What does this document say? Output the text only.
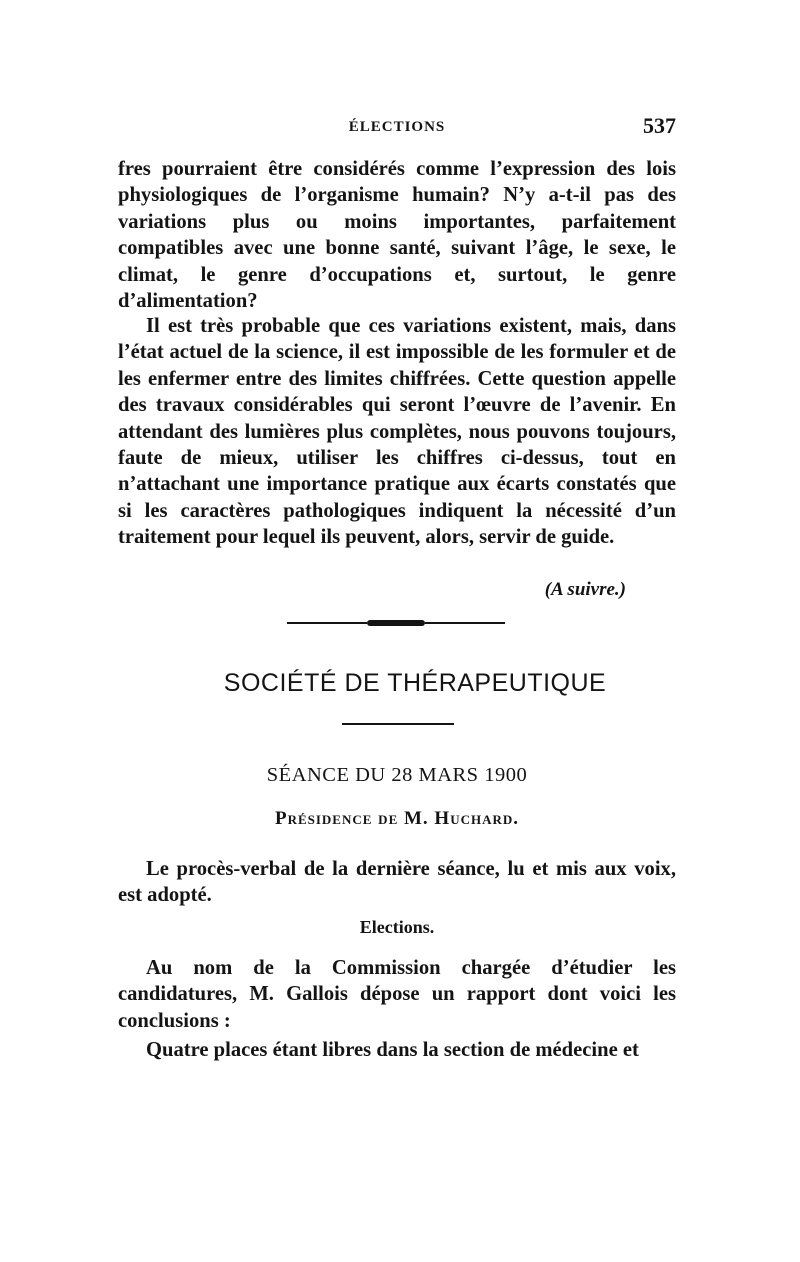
ÉLECTIONS	537

fres pourraient être considérés comme l’expression des lois physiologiques de l’organisme humain? N’y a-t-il pas des variations plus ou moins importantes, parfaitement compatibles avec une bonne santé, suivant l’âge, le sexe, le climat, le genre d’occupations et, surtout, le genre d’alimentation?

Il est très probable que ces variations existent, mais, dans l’état actuel de la science, il est impossible de les formuler et de les enfermer entre des limites chiffrées. Cette question appelle des travaux considérables qui seront l’œuvre de l’avenir. En attendant des lumières plus complètes, nous pouvons toujours, faute de mieux, utiliser les chiffres ci-dessus, tout en n’attachant une importance pratique aux écarts constatés que si les caractères pathologiques indiquent la nécessité d’un traitement pour lequel ils peuvent, alors, servir de guide.

(A suivre.)
SOCIÉTÉ DE THÉRAPEUTIQUE
SÉANCE DU 28 MARS 1900
Présidence de M. Huchard.

Le procès-verbal de la dernière séance, lu et mis aux voix, est adopté.

Elections.

Au nom de la Commission chargée d’étudier les candidatures, M. Gallois dépose un rapport dont voici les conclusions :

Quatre places étant libres dans la section de médecine et
